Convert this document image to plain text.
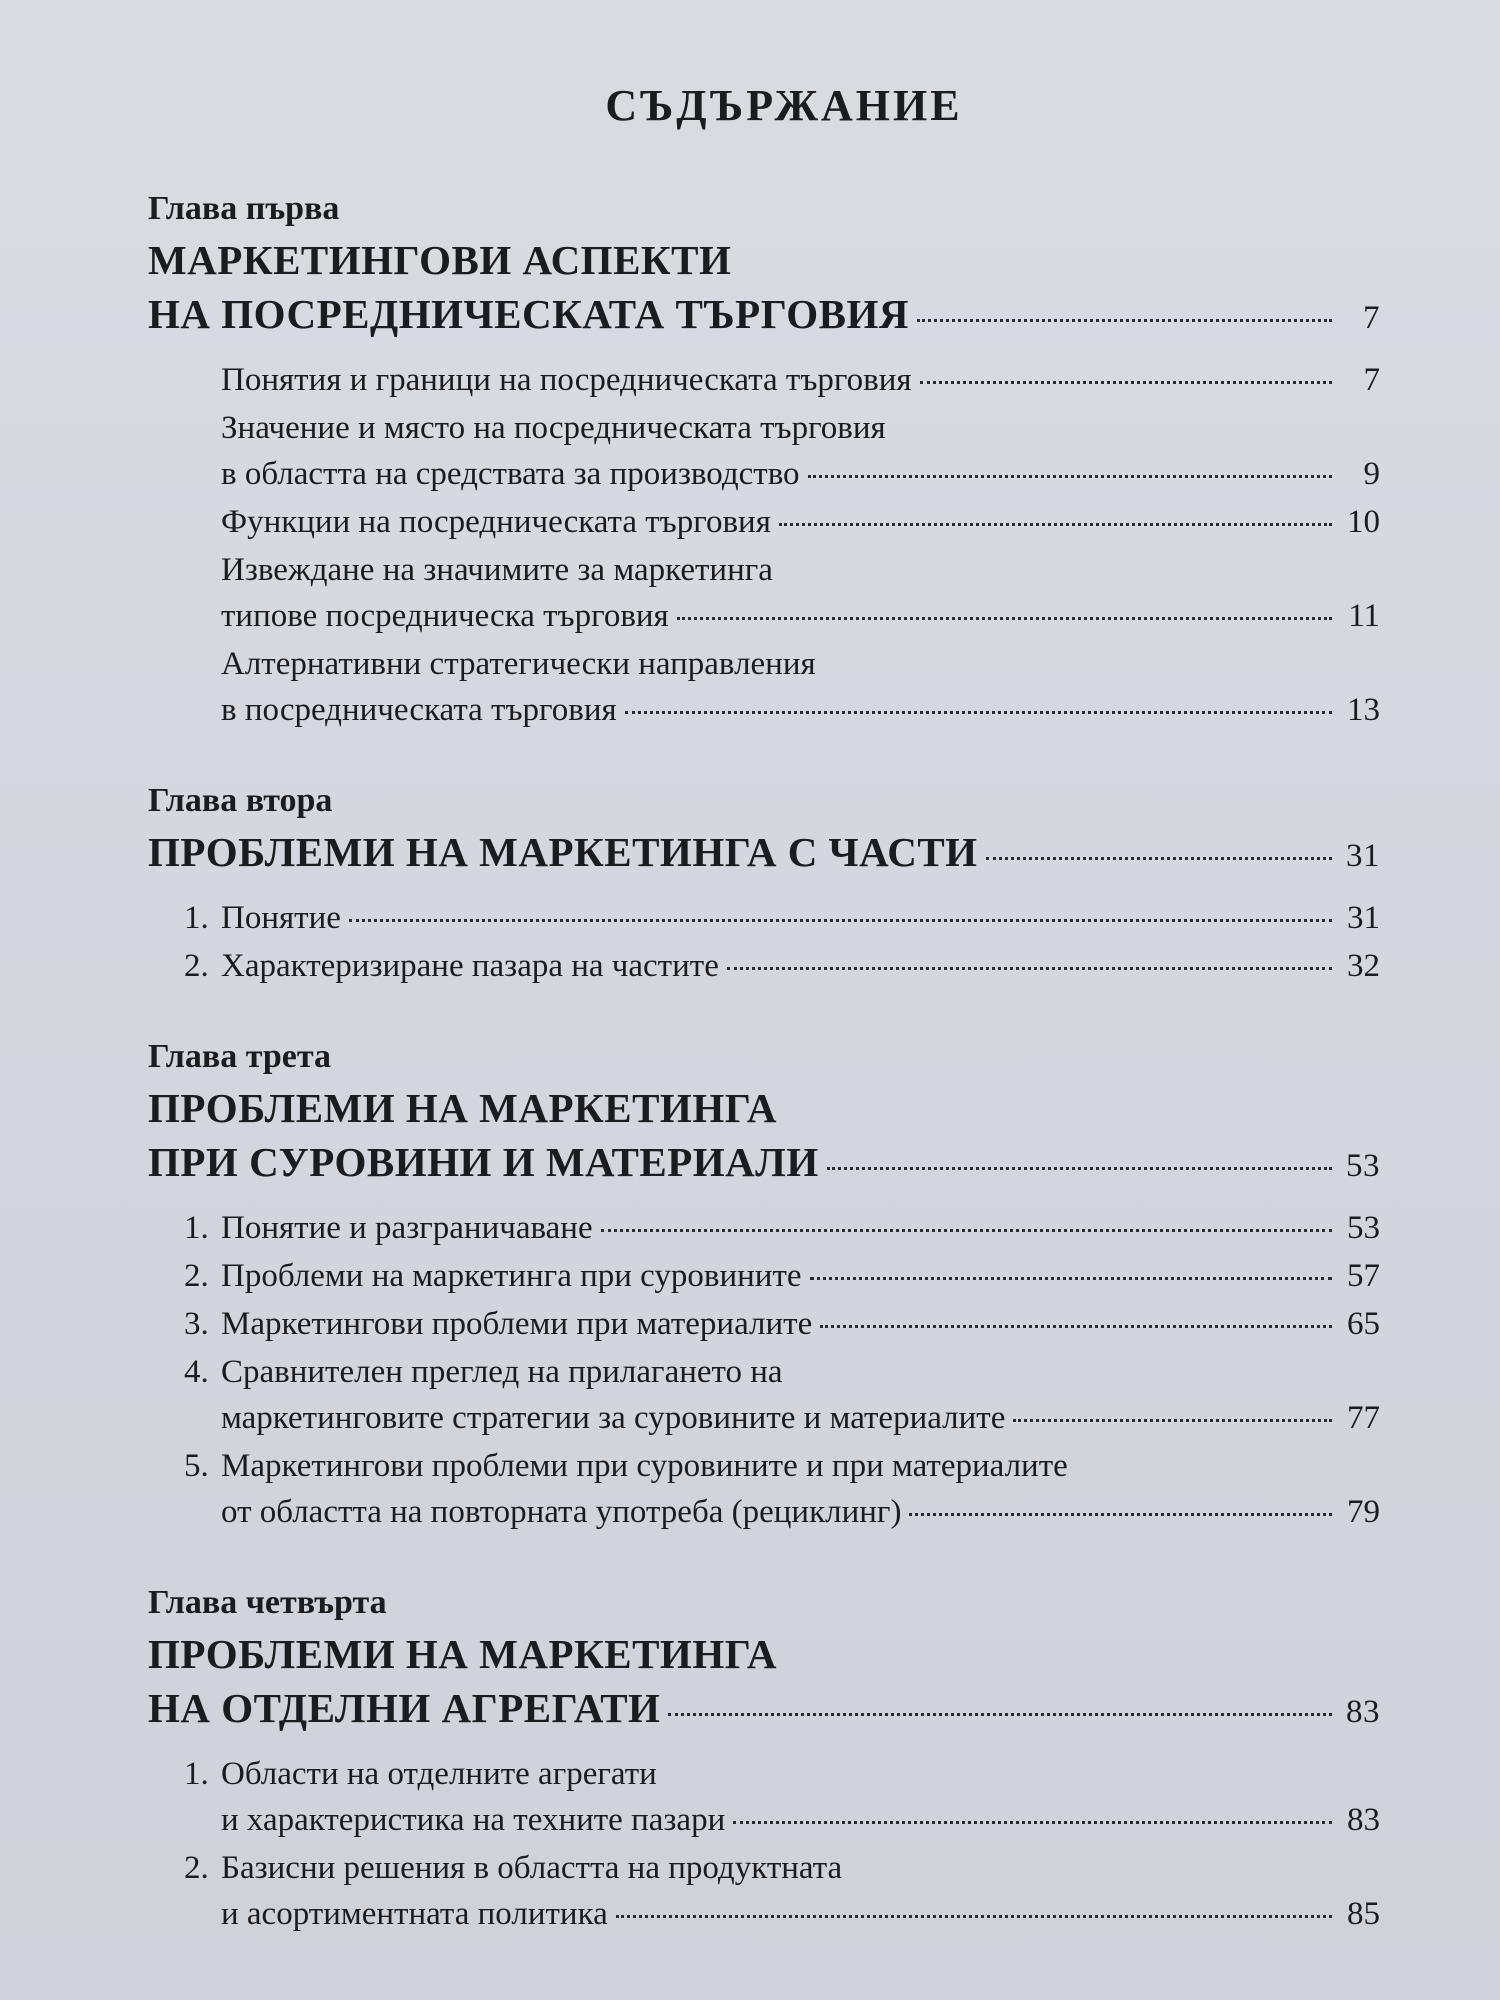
СЪДЪРЖАНИЕ
Глава първа
МАРКЕТИНГОВИ АСПЕКТИ
НА ПОСРЕДНИЧЕСКАТА ТЪРГОВИЯ	7
Понятия и граници на посредническата търговия	7
Значение и място на посредническата търговия
в областта на средствата за производство	9
Функции на посредническата търговия	10
Извеждане на значимите за маркетинга
типове посредническа търговия	11
Алтернативни стратегически направления
в посредническата търговия	13
Глава втора
ПРОБЛЕМИ НА МАРКЕТИНГА С ЧАСТИ	31
1. Понятие	31
2. Характеризиране пазара на частите	32
Глава трета
ПРОБЛЕМИ НА МАРКЕТИНГА
ПРИ СУРОВИНИ И МАТЕРИАЛИ	53
1. Понятие и разграничаване	53
2. Проблеми на маркетинга при суровините	57
3. Маркетингови проблеми при материалите	65
4. Сравнителен преглед на прилагането на
маркетинговите стратегии за суровините и материалите	77
5. Маркетингови проблеми при суровините и при материалите
от областта на повторната употреба (рециклинг)	79
Глава четвърта
ПРОБЛЕМИ НА МАРКЕТИНГА
НА ОТДЕЛНИ АГРЕГАТИ	83
1. Области на отделните агрегати
и характеристика на техните пазари	83
2. Базисни решения в областта на продуктната
и асортиментната политика	85
